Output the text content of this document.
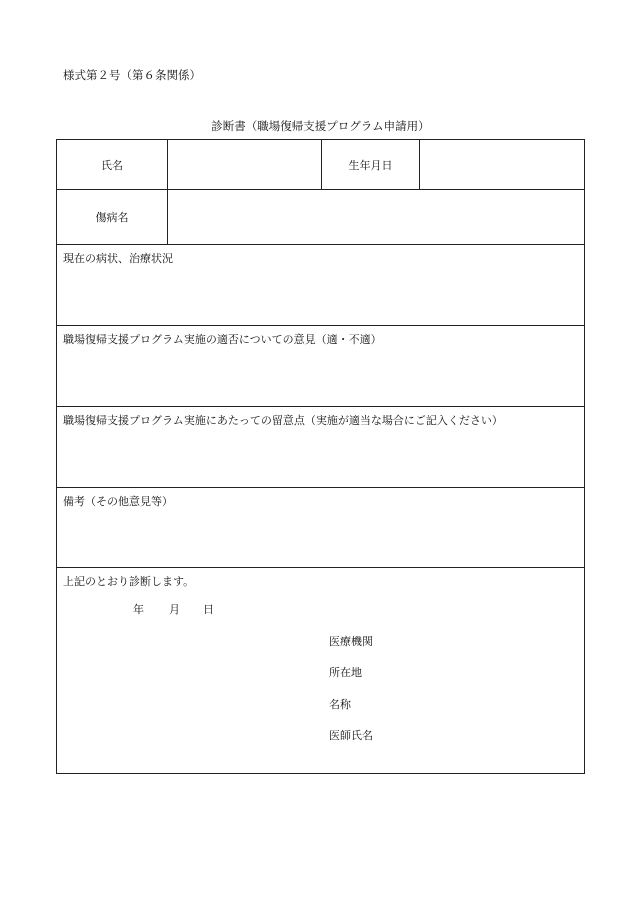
様式第２号（第６条関係）
診断書（職場復帰支援プログラム申請用）
氏名	生年月日
傷病名
現在の病状、治療状況
職場復帰支援プログラム実施の適否についての意見（適・不適）
職場復帰支援プログラム実施にあたっての留意点（実施が適当な場合にご記入ください）
備考（その他意見等）
上記のとおり診断します。
年 月 日
医療機関
所在地
名称
医師氏名
